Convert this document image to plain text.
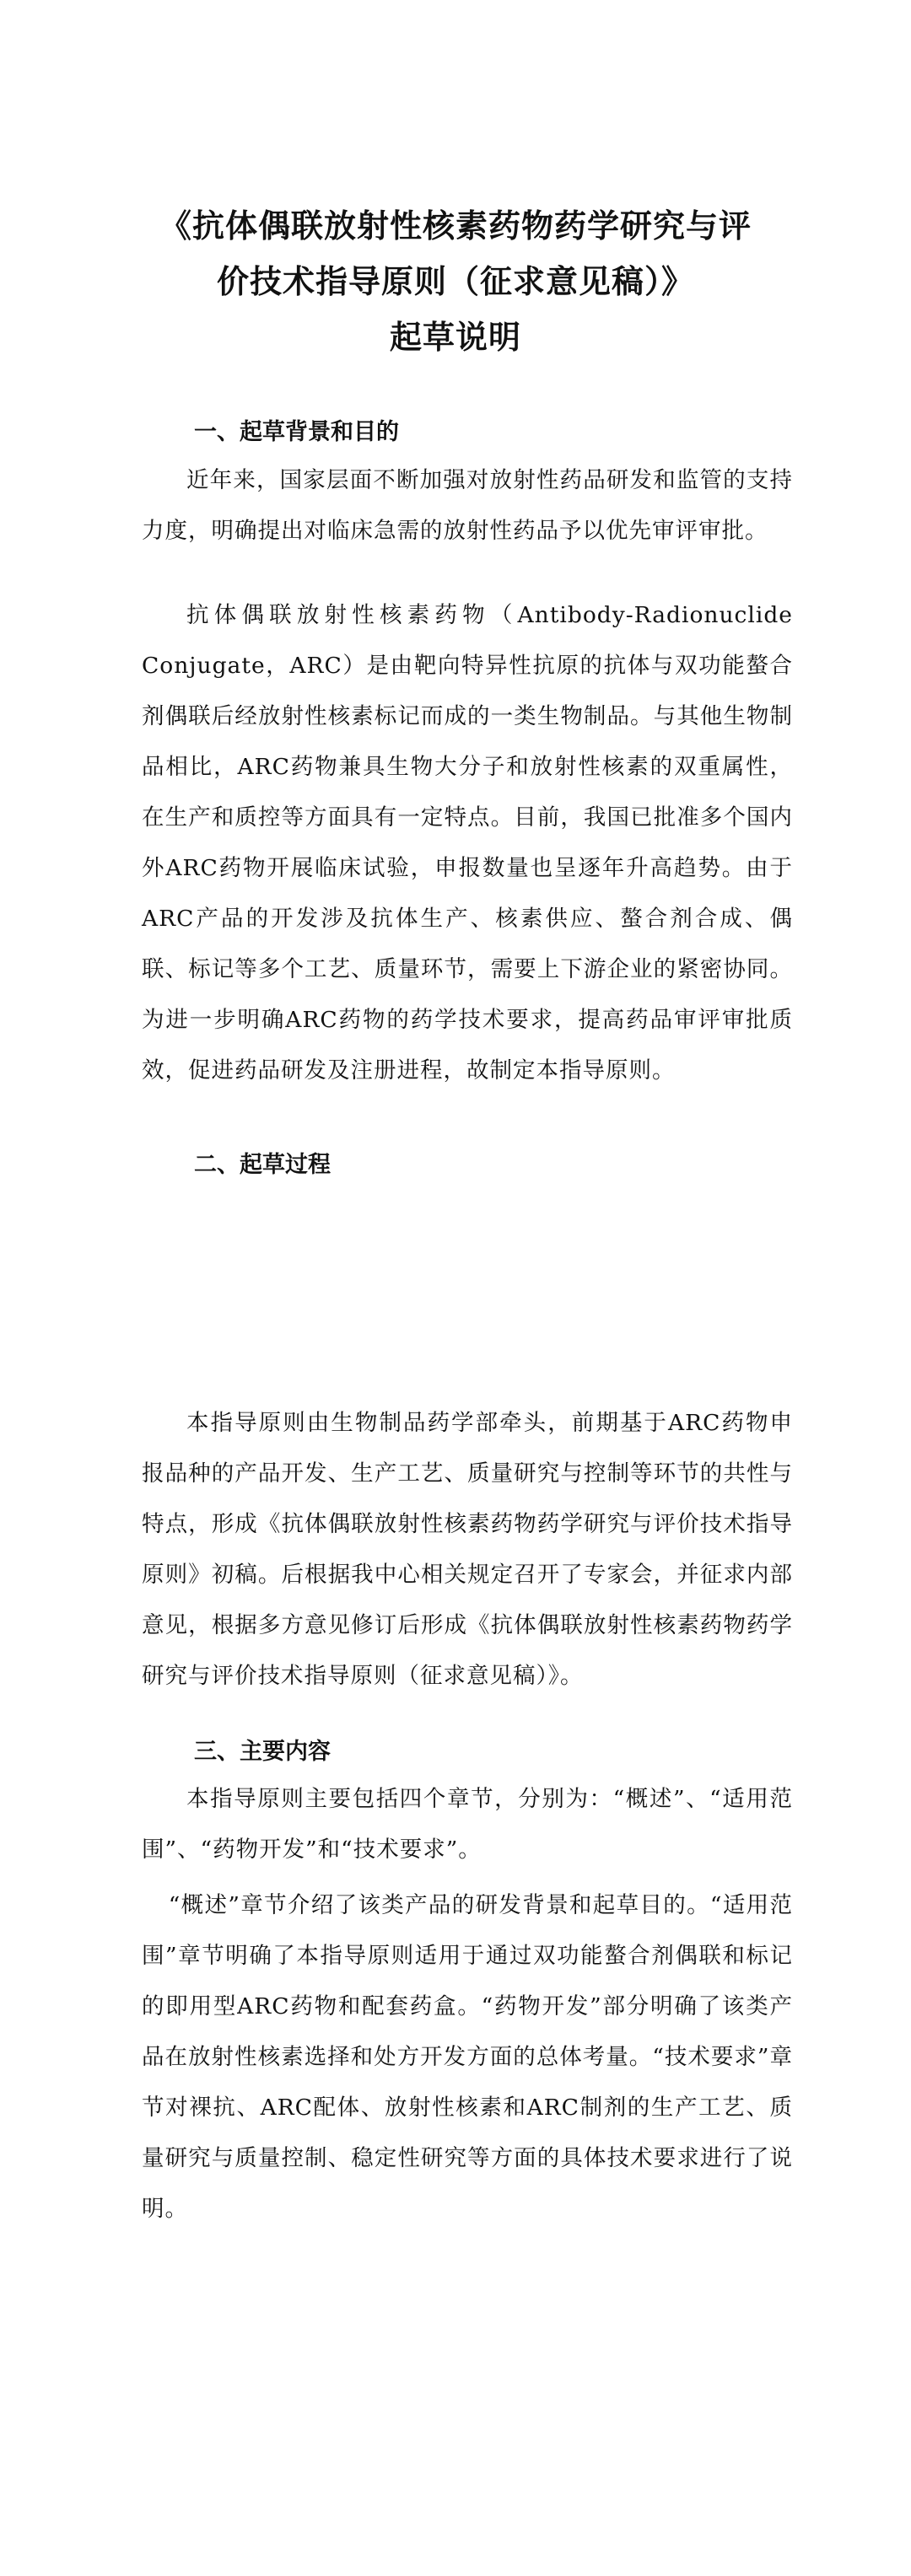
《抗体偶联放射性核素药物药学研究与评
价技术指导原则（征求意见稿）》
起草说明
一、起草背景和目的
近年来，国家层面不断加强对放射性药品研发和监管的支持力度，明确提出对临床急需的放射性药品予以优先审评审批。
抗体偶联放射性核素药物（Antibody-Radionuclide Conjugate，ARC）是由靶向特异性抗原的抗体与双功能螯合剂偶联后经放射性核素标记而成的一类生物制品。与其他生物制品相比，ARC药物兼具生物大分子和放射性核素的双重属性，在生产和质控等方面具有一定特点。目前，我国已批准多个国内外ARC药物开展临床试验，申报数量也呈逐年升高趋势。由于ARC产品的开发涉及抗体生产、核素供应、螯合剂合成、偶联、标记等多个工艺、质量环节，需要上下游企业的紧密协同。为进一步明确ARC药物的药学技术要求，提高药品审评审批质效，促进药品研发及注册进程，故制定本指导原则。
二、起草过程
本指导原则由生物制品药学部牵头，前期基于ARC药物申报品种的产品开发、生产工艺、质量研究与控制等环节的共性与特点，形成《抗体偶联放射性核素药物药学研究与评价技术指导原则》初稿。后根据我中心相关规定召开了专家会，并征求内部意见，根据多方意见修订后形成《抗体偶联放射性核素药物药学研究与评价技术指导原则（征求意见稿）》。
三、主要内容
本指导原则主要包括四个章节，分别为：“概述”、“适用范围”、“药物开发”和“技术要求”。
“概述”章节介绍了该类产品的研发背景和起草目的。“适用范围”章节明确了本指导原则适用于通过双功能螯合剂偶联和标记的即用型ARC药物和配套药盒。“药物开发”部分明确了该类产品在放射性核素选择和处方开发方面的总体考量。“技术要求”章节对裸抗、ARC配体、放射性核素和ARC制剂的生产工艺、质量研究与质量控制、稳定性研究等方面的具体技术要求进行了说明。
